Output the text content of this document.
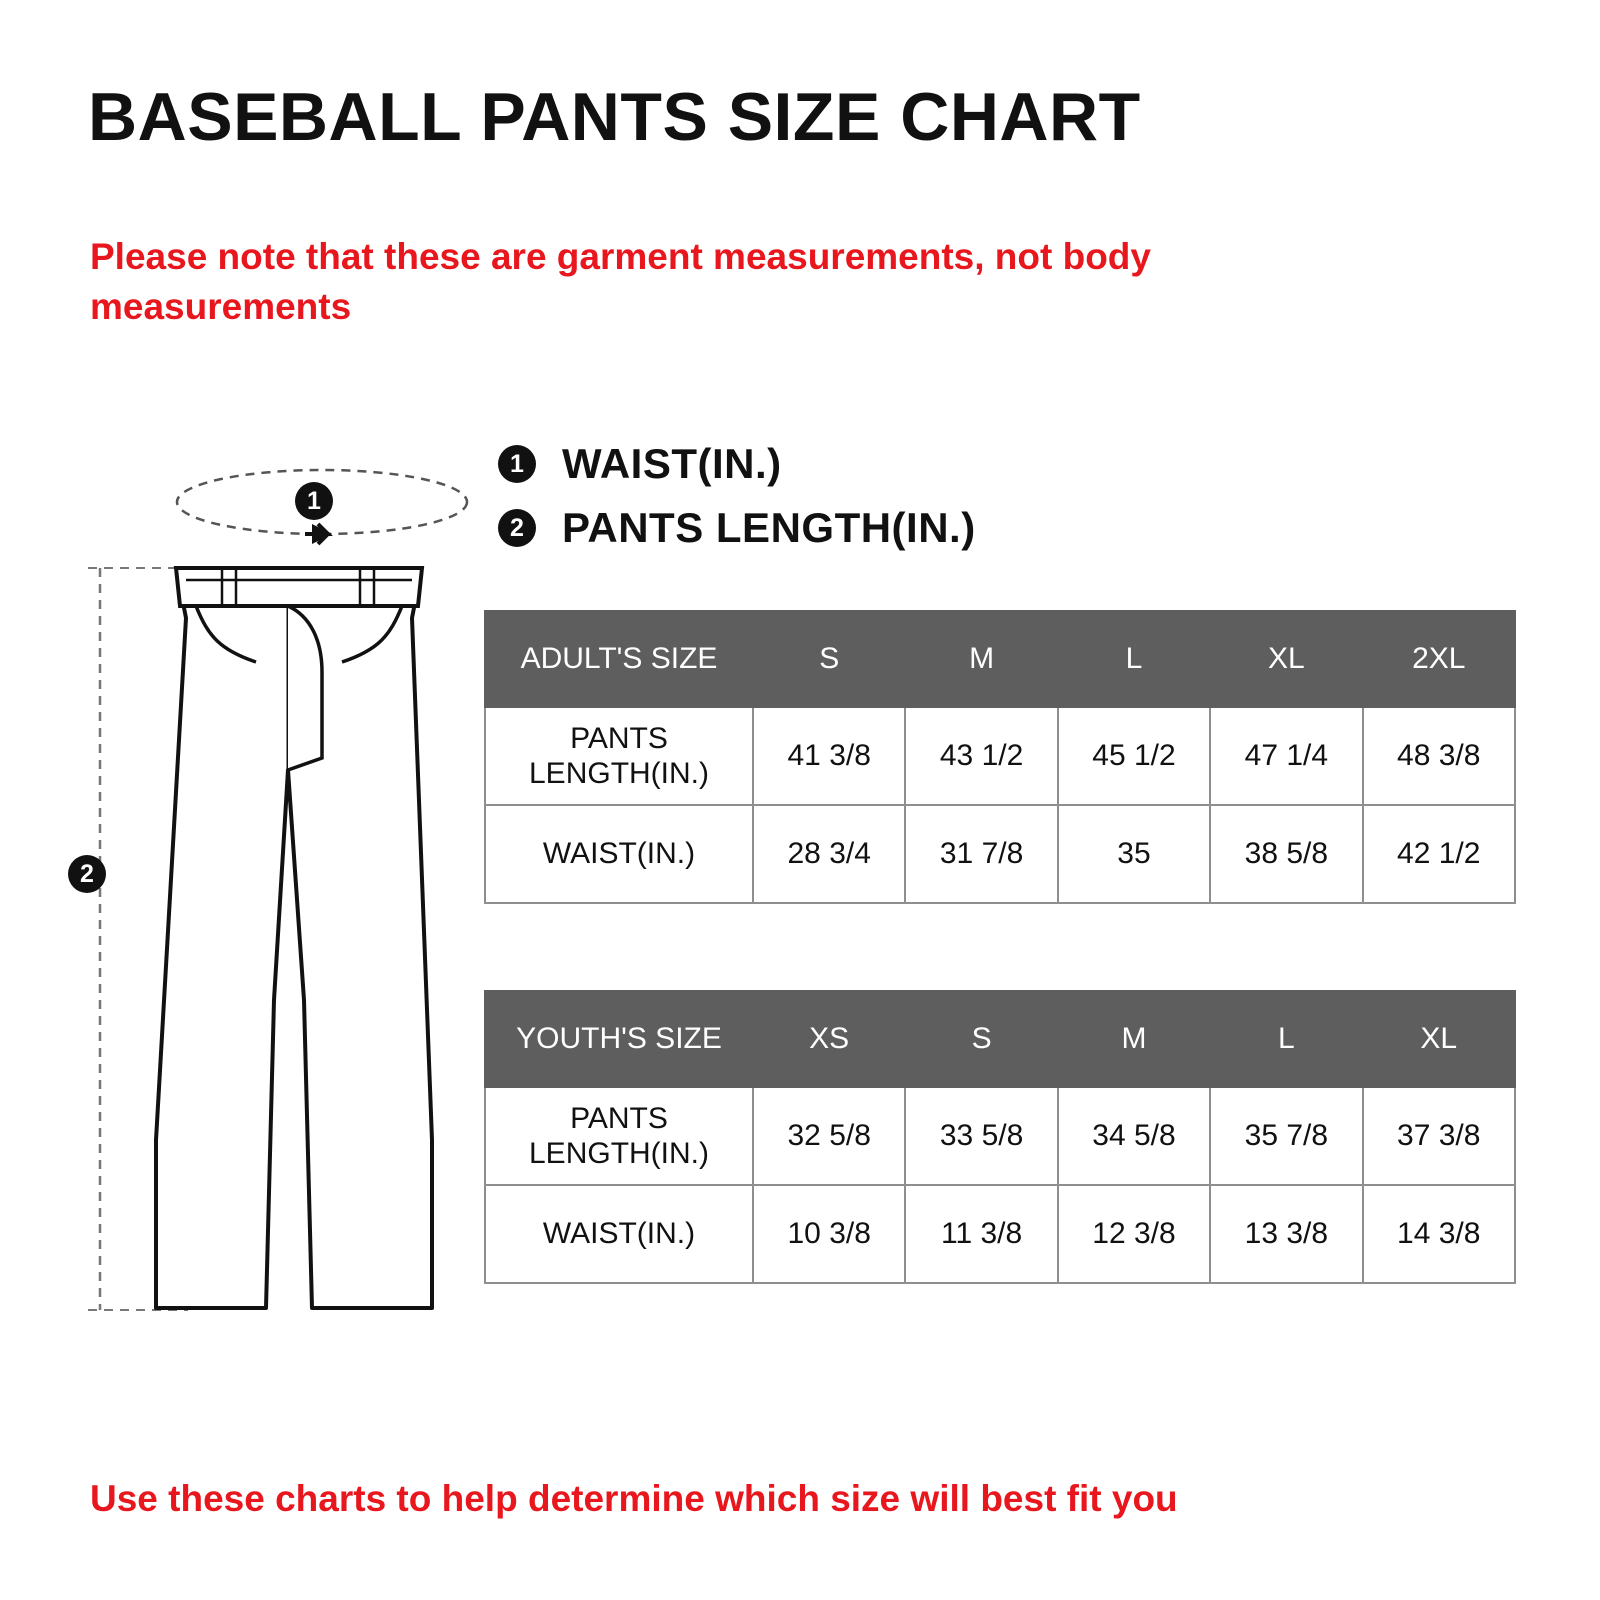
BASEBALL PANTS SIZE CHART
Please note that these are garment measurements, not body measurements
1
2
1 WAIST(IN.)
2 PANTS LENGTH(IN.)
ADULT'S SIZE	S	M	L	XL	2XL
PANTS LENGTH(IN.)	41 3/8	43 1/2	45 1/2	47 1/4	48 3/8
WAIST(IN.)	28 3/4	31 7/8	35	38 5/8	42 1/2
YOUTH'S SIZE	XS	S	M	L	XL
PANTS LENGTH(IN.)	32 5/8	33 5/8	34 5/8	35 7/8	37 3/8
WAIST(IN.)	10 3/8	11 3/8	12 3/8	13 3/8	14 3/8
Use these charts to help determine which size will best fit you
